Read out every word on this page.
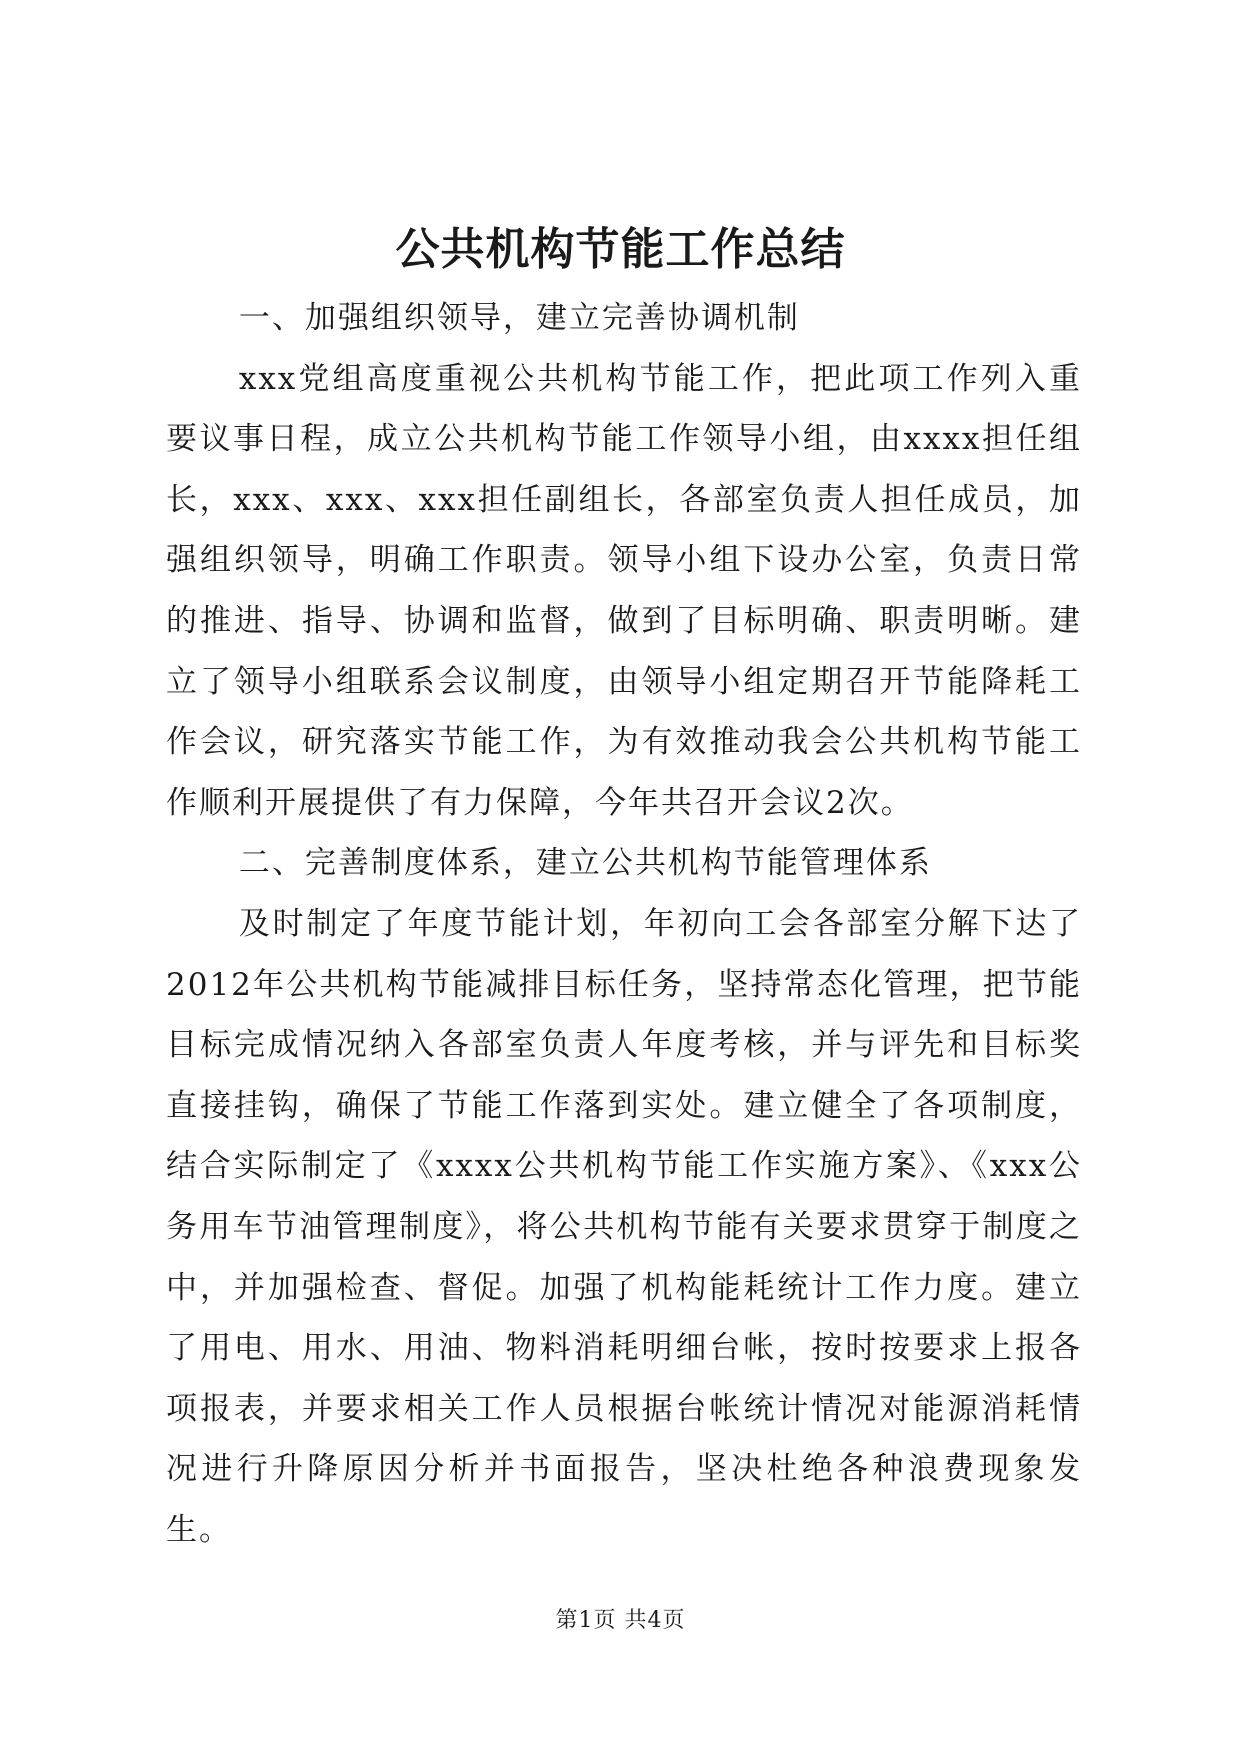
公共机构节能工作总结

一、加强组织领导，建立完善协调机制

xxx党组高度重视公共机构节能工作，把此项工作列入重要议事日程，成立公共机构节能工作领导小组，由xxxx担任组长，xxx、xxx、xxx担任副组长，各部室负责人担任成员，加强组织领导，明确工作职责。领导小组下设办公室，负责日常的推进、指导、协调和监督，做到了目标明确、职责明晰。建立了领导小组联系会议制度，由领导小组定期召开节能降耗工作会议，研究落实节能工作，为有效推动我会公共机构节能工作顺利开展提供了有力保障，今年共召开会议2次。

二、完善制度体系，建立公共机构节能管理体系

及时制定了年度节能计划，年初向工会各部室分解下达了2012年公共机构节能减排目标任务，坚持常态化管理，把节能目标完成情况纳入各部室负责人年度考核，并与评先和目标奖直接挂钩，确保了节能工作落到实处。建立健全了各项制度，结合实际制定了《xxxx公共机构节能工作实施方案》、《xxx公务用车节油管理制度》，将公共机构节能有关要求贯穿于制度之中，并加强检查、督促。加强了机构能耗统计工作力度。建立了用电、用水、用油、物料消耗明细台帐，按时按要求上报各项报表，并要求相关工作人员根据台帐统计情况对能源消耗情况进行升降原因分析并书面报告，坚决杜绝各种浪费现象发生。

第1页 共4页
